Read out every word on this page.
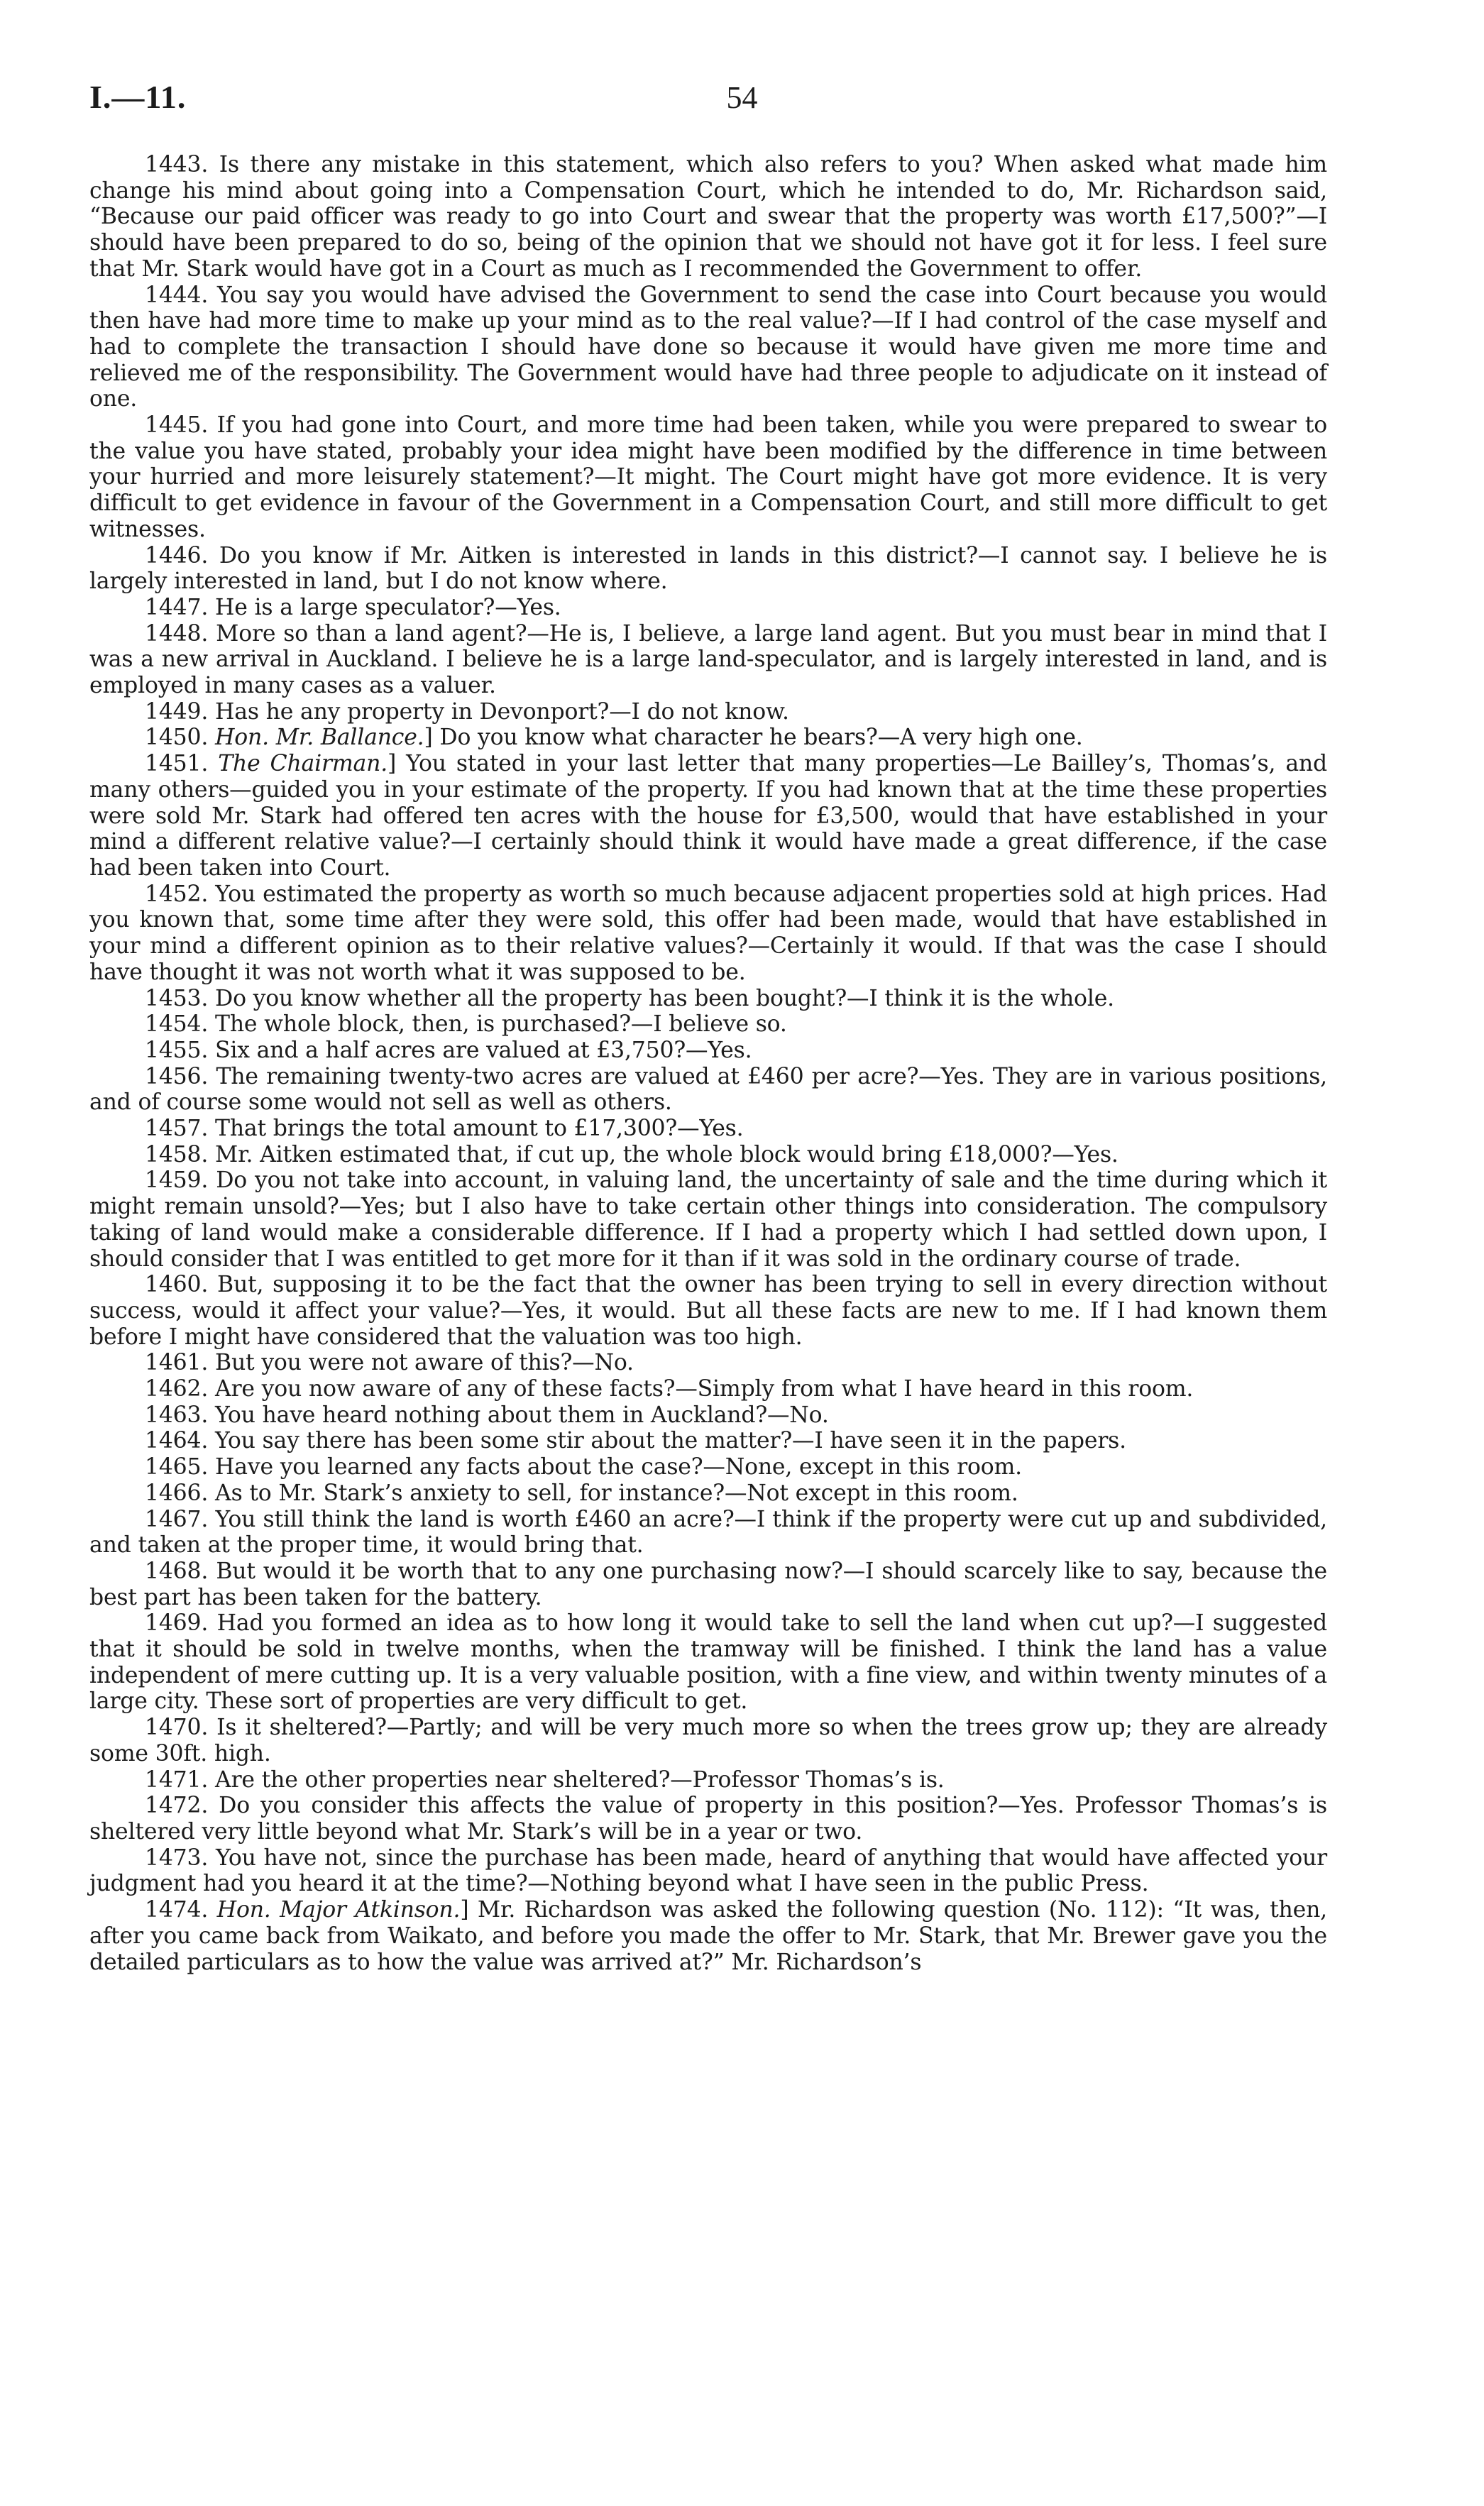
I.—11.	54

1443. Is there any mistake in this statement, which also refers to you? When asked what made him change his mind about going into a Compensation Court, which he intended to do, Mr. Richardson said, “Because our paid officer was ready to go into Court and swear that the property was worth £17,500?”—I should have been prepared to do so, being of the opinion that we should not have got it for less. I feel sure that Mr. Stark would have got in a Court as much as I recommended the Government to offer.

1444. You say you would have advised the Government to send the case into Court because you would then have had more time to make up your mind as to the real value?—If I had control of the case myself and had to complete the transaction I should have done so because it would have given me more time and relieved me of the responsibility. The Government would have had three people to adjudicate on it instead of one.

1445. If you had gone into Court, and more time had been taken, while you were prepared to swear to the value you have stated, probably your idea might have been modified by the difference in time between your hurried and more leisurely statement?—It might. The Court might have got more evidence. It is very difficult to get evidence in favour of the Government in a Compensation Court, and still more difficult to get witnesses.

1446. Do you know if Mr. Aitken is interested in lands in this district?—I cannot say. I believe he is largely interested in land, but I do not know where.

1447. He is a large speculator?—Yes.

1448. More so than a land agent?—He is, I believe, a large land agent. But you must bear in mind that I was a new arrival in Auckland. I believe he is a large land-speculator, and is largely interested in land, and is employed in many cases as a valuer.

1449. Has he any property in Devonport?—I do not know.

1450. Hon. Mr. Ballance.] Do you know what character he bears?—A very high one.

1451. The Chairman.] You stated in your last letter that many properties—Le Bailley’s, Thomas’s, and many others—guided you in your estimate of the property. If you had known that at the time these properties were sold Mr. Stark had offered ten acres with the house for £3,500, would that have established in your mind a different relative value?—I certainly should think it would have made a great difference, if the case had been taken into Court.

1452. You estimated the property as worth so much because adjacent properties sold at high prices. Had you known that, some time after they were sold, this offer had been made, would that have established in your mind a different opinion as to their relative values?—Certainly it would. If that was the case I should have thought it was not worth what it was supposed to be.

1453. Do you know whether all the property has been bought?—I think it is the whole.

1454. The whole block, then, is purchased?—I believe so.

1455. Six and a half acres are valued at £3,750?—Yes.

1456. The remaining twenty-two acres are valued at £460 per acre?—Yes. They are in various positions, and of course some would not sell as well as others.

1457. That brings the total amount to £17,300?—Yes.

1458. Mr. Aitken estimated that, if cut up, the whole block would bring £18,000?—Yes.

1459. Do you not take into account, in valuing land, the uncertainty of sale and the time during which it might remain unsold?—Yes; but I also have to take certain other things into consideration. The compulsory taking of land would make a considerable difference. If I had a property which I had settled down upon, I should consider that I was entitled to get more for it than if it was sold in the ordinary course of trade.

1460. But, supposing it to be the fact that the owner has been trying to sell in every direction without success, would it affect your value?—Yes, it would. But all these facts are new to me. If I had known them before I might have considered that the valuation was too high.

1461. But you were not aware of this?—No.

1462. Are you now aware of any of these facts?—Simply from what I have heard in this room.

1463. You have heard nothing about them in Auckland?—No.

1464. You say there has been some stir about the matter?—I have seen it in the papers.

1465. Have you learned any facts about the case?—None, except in this room.

1466. As to Mr. Stark’s anxiety to sell, for instance?—Not except in this room.

1467. You still think the land is worth £460 an acre?—I think if the property were cut up and subdivided, and taken at the proper time, it would bring that.

1468. But would it be worth that to any one purchasing now?—I should scarcely like to say, because the best part has been taken for the battery.

1469. Had you formed an idea as to how long it would take to sell the land when cut up?—I suggested that it should be sold in twelve months, when the tramway will be finished. I think the land has a value independent of mere cutting up. It is a very valuable position, with a fine view, and within twenty minutes of a large city. These sort of properties are very difficult to get.

1470. Is it sheltered?—Partly; and will be very much more so when the trees grow up; they are already some 30ft. high.

1471. Are the other properties near sheltered?—Professor Thomas’s is.

1472. Do you consider this affects the value of property in this position?—Yes. Professor Thomas’s is sheltered very little beyond what Mr. Stark’s will be in a year or two.

1473. You have not, since the purchase has been made, heard of anything that would have affected your judgment had you heard it at the time?—Nothing beyond what I have seen in the public Press.

1474. Hon. Major Atkinson.] Mr. Richardson was asked the following question (No. 112): “It was, then, after you came back from Waikato, and before you made the offer to Mr. Stark, that Mr. Brewer gave you the detailed particulars as to how the value was arrived at?” Mr. Richardson’s
